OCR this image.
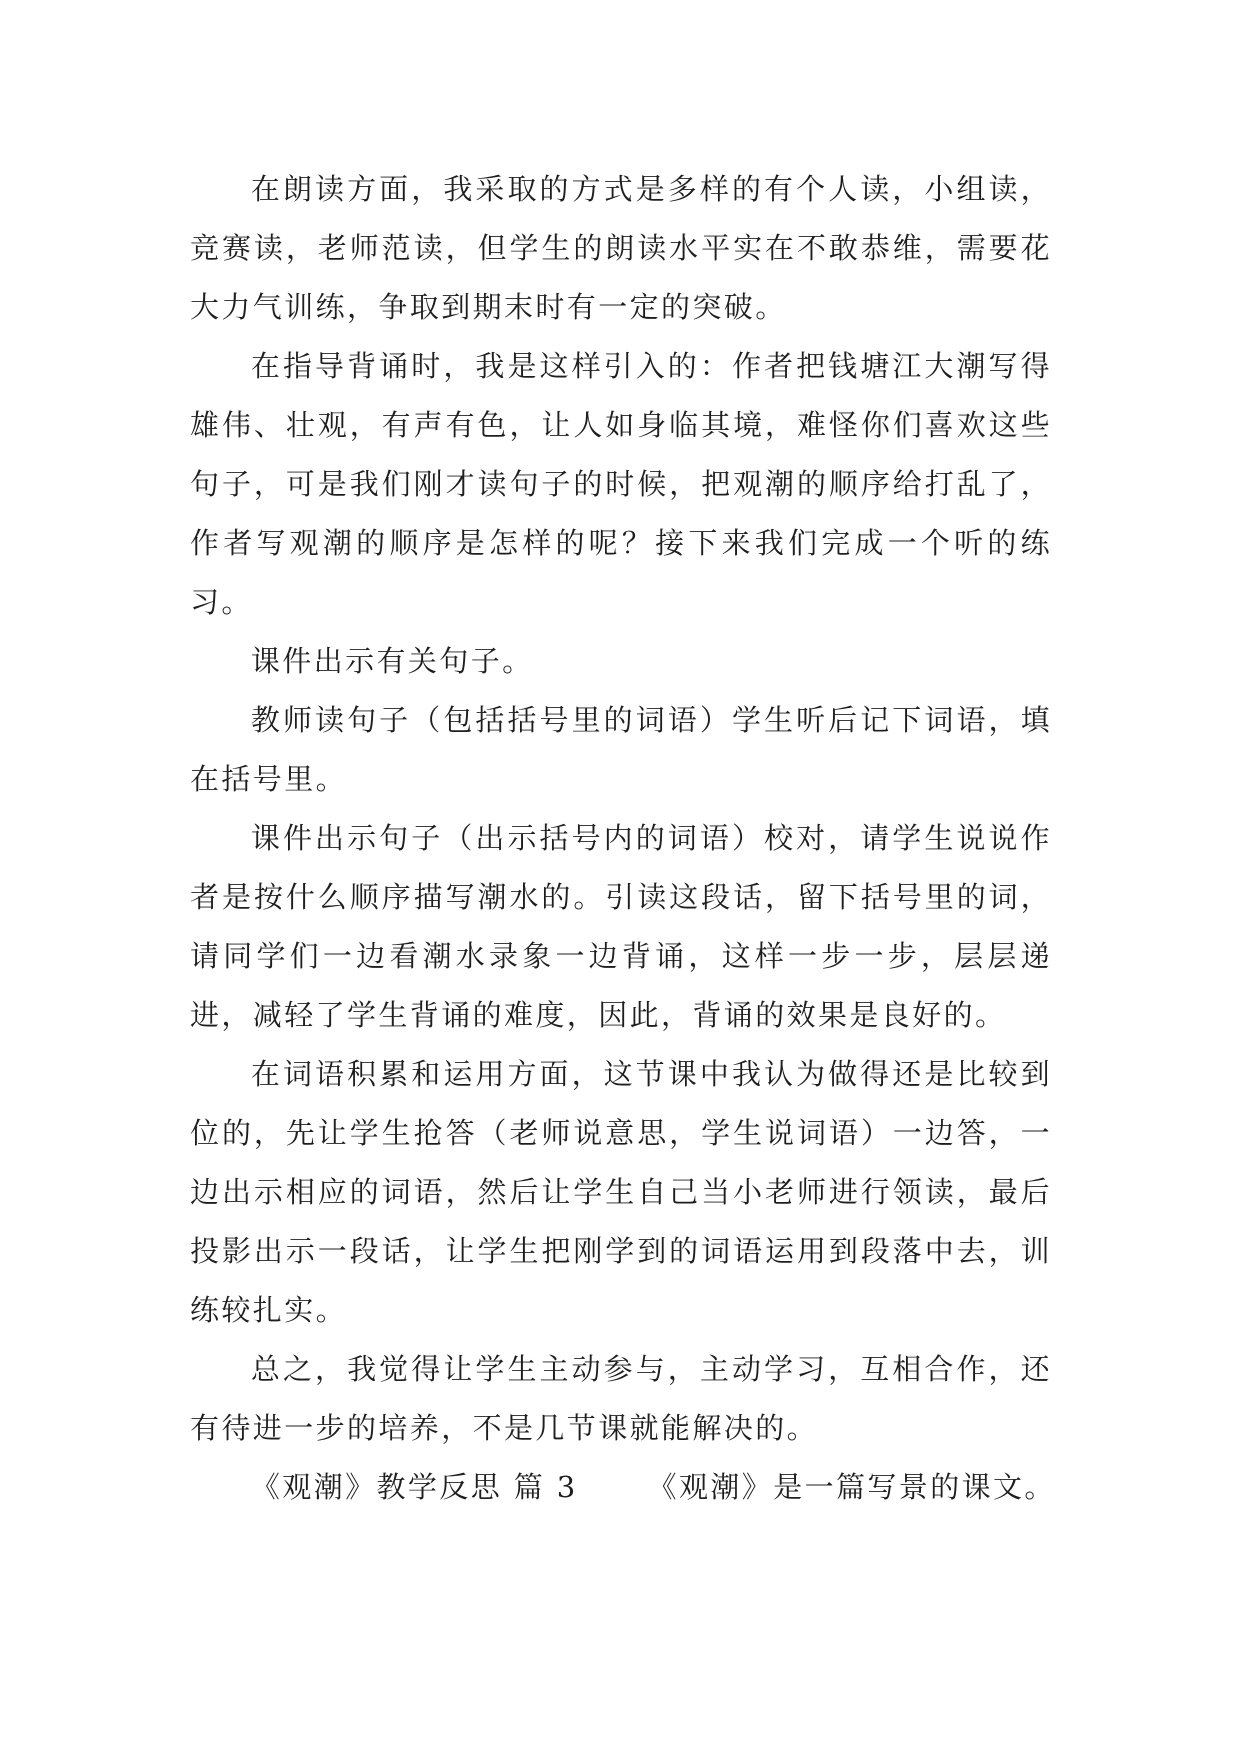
在朗读方面，我采取的方式是多样的有个人读，小组读，竞赛读，老师范读，但学生的朗读水平实在不敢恭维，需要花大力气训练，争取到期末时有一定的突破。

在指导背诵时，我是这样引入的：作者把钱塘江大潮写得雄伟、壮观，有声有色，让人如身临其境，难怪你们喜欢这些句子，可是我们刚才读句子的时候，把观潮的顺序给打乱了，作者写观潮的顺序是怎样的呢？接下来我们完成一个听的练习。

课件出示有关句子。

教师读句子（包括括号里的词语）学生听后记下词语，填在括号里。

课件出示句子（出示括号内的词语）校对，请学生说说作者是按什么顺序描写潮水的。引读这段话，留下括号里的词，请同学们一边看潮水录象一边背诵，这样一步一步，层层递进，减轻了学生背诵的难度，因此，背诵的效果是良好的。

在词语积累和运用方面，这节课中我认为做得还是比较到位的，先让学生抢答（老师说意思，学生说词语）一边答，一边出示相应的词语，然后让学生自己当小老师进行领读，最后投影出示一段话，让学生把刚学到的词语运用到段落中去，训练较扎实。

总之，我觉得让学生主动参与，主动学习，互相合作，还有待进一步的培养，不是几节课就能解决的。

《观潮》教学反思 篇 3 《观潮》是一篇写景的课文。
